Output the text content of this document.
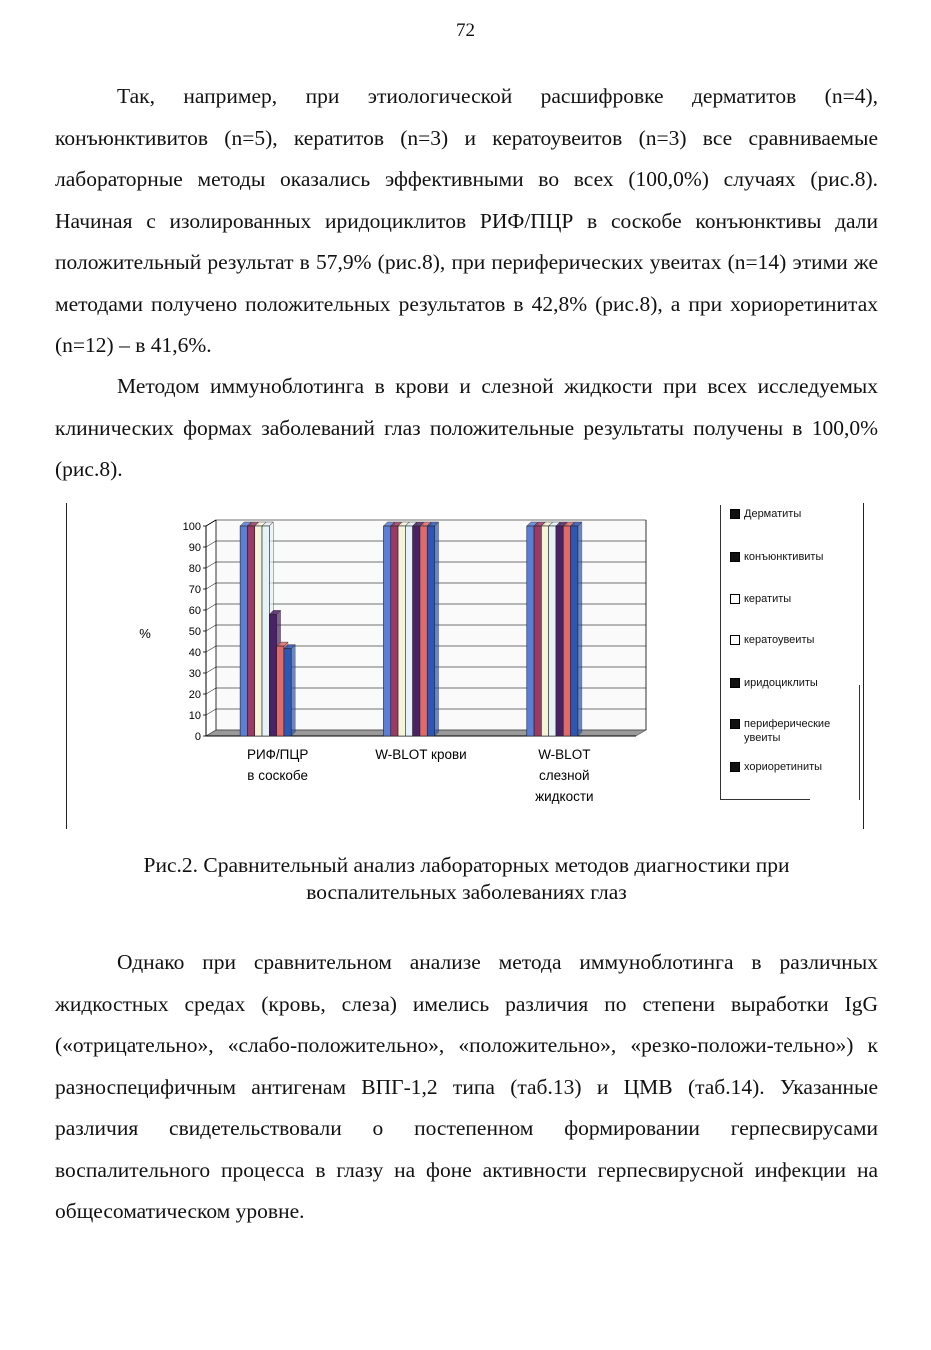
72

Так, например, при этиологической расшифровке дерматитов (n=4), конъюнктивитов (n=5), кератитов (n=3) и кератоувеитов (n=3) все сравниваемые лабораторные методы оказались эффективными во всех (100,0%) случаях (рис.8). Начиная с изолированных иридоциклитов РИФ/ПЦР в соскобе конъюнктивы дали положительный результат в 57,9% (рис.8), при периферических увеитах (n=14) этими же методами получено положительных результатов в 42,8% (рис.8), а при хориоретинитах (n=12) – в 41,6%.

Методом иммуноблотинга в крови и слезной жидкости при всех исследуемых клинических формах заболеваний глаз положительные результаты получены в 100,0% (рис.8).

0
10
20
30
40
50
60
70
80
90
100
%
РИФ/ПЦР
в соскобе
W-BLOT крови	W-BLOT
слезной
жидкости
Дерматиты
конъюнктивиты
кератиты
кератоувеиты
иридоциклиты
периферические
увеиты
хориоретиниты
Рис.2. Сравнительный анализ лабораторных методов диагностики при
воспалительных заболеваниях глаз

Однако при сравнительном анализе метода иммуноблотинга в различных жидкостных средах (кровь, слеза) имелись различия по степени выработки IgG («отрицательно», «слабо-положительно», «положительно», «резко-положи-тельно») к разноспецифичным антигенам ВПГ-1,2 типа (таб.13) и ЦМВ (таб.14). Указанные различия свидетельствовали о постепенном формировании герпесвирусами воспалительного процесса в глазу на фоне активности герпесвирусной инфекции на общесоматическом уровне.
